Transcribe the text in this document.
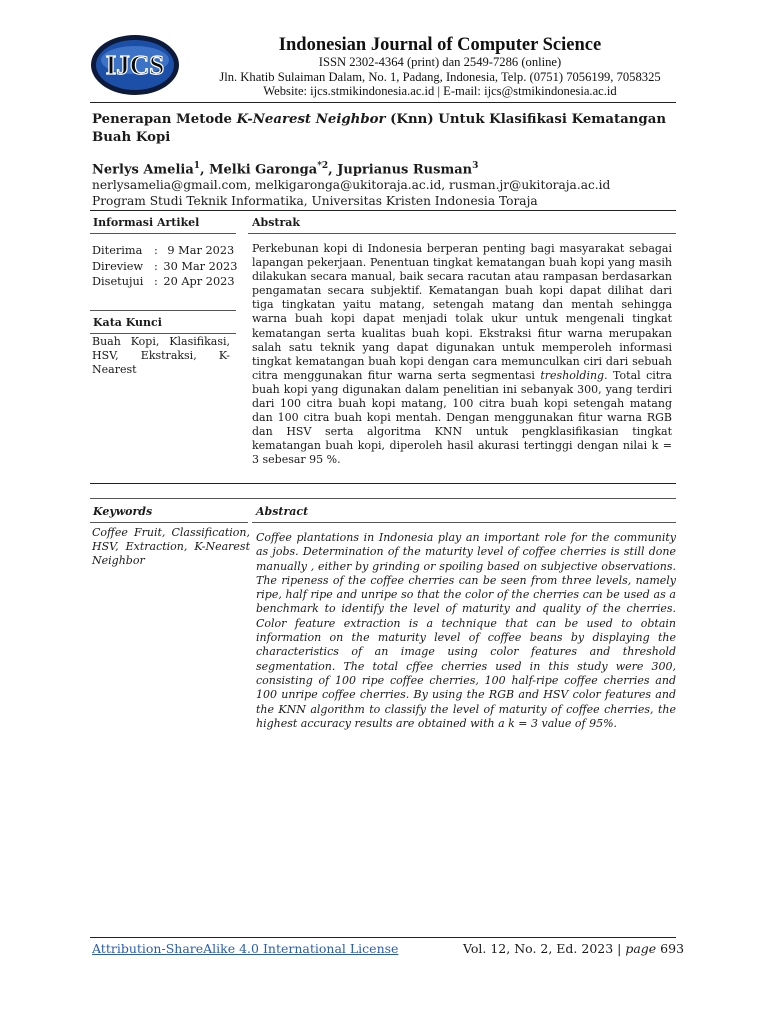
IJCS
Indonesian Journal of Computer Science
ISSN 2302-4364 (print) dan 2549-7286 (online)
Jln. Khatib Sulaiman Dalam, No. 1, Padang, Indonesia, Telp. (0751) 7056199, 7058325
Website: ijcs.stmikindonesia.ac.id | E-mail: ijcs@stmikindonesia.ac.id
Penerapan Metode K-Nearest Neighbor (Knn) Untuk Klasifikasi Kematangan Buah Kopi
Nerlys Amelia$^1$, Melki Garonga$^{*2}$, Juprianus Rusman$^3$
nerlysamelia@gmail.com, melkigaronga@ukitoraja.ac.id, rusman.jr@ukitoraja.ac.id
Program Studi Teknik Informatika, Universitas Kristen Indonesia Toraja
Informasi Artikel	Abstrak
Diterima : 9 Mar 2023
Direview : 30 Mar 2023
Disetujui : 20 Apr 2023
Kata Kunci
Buah Kopi, Klasifikasi, HSV, Ekstraksi, K-Nearest
Perkebunan kopi di Indonesia berperan penting bagi masyarakat sebagai lapangan pekerjaan. Penentuan tingkat kematangan buah kopi yang masih dilakukan secara manual, baik secara racutan atau rampasan berdasarkan pengamatan secara subjektif. Kematangan buah kopi dapat dilihat dari tiga tingkatan yaitu matang, setengah matang dan mentah sehingga warna buah kopi dapat menjadi tolak ukur untuk mengenali tingkat kematangan serta kualitas buah kopi. Ekstraksi fitur warna merupakan salah satu teknik yang dapat digunakan untuk memperoleh informasi tingkat kematangan buah kopi dengan cara memunculkan ciri dari sebuah citra menggunakan fitur warna serta segmentasi tresholding. Total citra buah kopi yang digunakan dalam penelitian ini sebanyak 300, yang terdiri dari 100 citra buah kopi matang, 100 citra buah kopi setengah matang dan 100 citra buah kopi mentah. Dengan menggunakan fitur warna RGB dan HSV serta algoritma KNN untuk pengklasifikasian tingkat kematangan buah kopi, diperoleh hasil akurasi tertinggi dengan nilai k = 3 sebesar 95 %.
Keywords	Abstract
Coffee Fruit, Classification, HSV, Extraction, K-Nearest Neighbor
Coffee plantations in Indonesia play an important role for the community as jobs. Determination of the maturity level of coffee cherries is still done manually , either by grinding or spoiling based on subjective observations. The ripeness of the coffee cherries can be seen from three levels, namely ripe, half ripe and unripe so that the color of the cherries can be used as a benchmark to identify the level of maturity and quality of the cherries. Color feature extraction is a technique that can be used to obtain information on the maturity level of coffee beans by displaying the characteristics of an image using color features and threshold segmentation. The total cffee cherries used in this study were 300, consisting of 100 ripe coffee cherries, 100 half-ripe coffee cherries and 100 unripe coffee cherries. By using the RGB and HSV color features and the KNN algorithm to classify the level of maturity of coffee cherries, the highest accuracy results are obtained with a k = 3 value of 95%.
Attribution-ShareAlike 4.0 International License	Vol. 12, No. 2, Ed. 2023 | page 693
